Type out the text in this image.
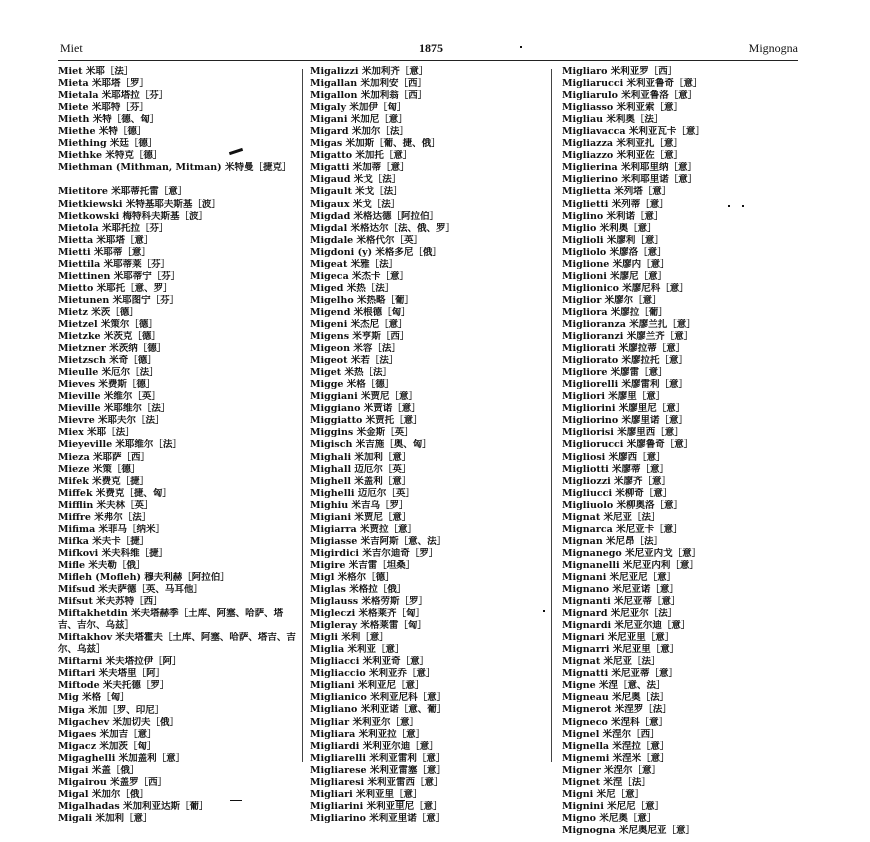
Miet	1875	Mignogna
Miet 米耶［法］
Mieta 米耶塔［罗］
Mietala 米耶塔拉［芬］
Miete 米耶特［芬］
Mieth 米特［德、匈］
Miethe 米特［德］
Miething 米廷［德］
Miethke 米特克［德］
Miethman (Mithman, Mitman) 米特曼［捷克］
Mietitore 米耶蒂托雷［意］
Mietkiewski 米特基耶夫斯基［波］
Mietkowski 梅特科夫斯基［波］
Mietola 米耶托拉［芬］
Mietta 米耶塔［意］
Mietti 米耶蒂［意］
Miettila 米耶蒂莱［芬］
Miettinen 米耶蒂宁［芬］
Mietto 米耶托［意、罗］
Mietunen 米耶图宁［芬］
Mietz 米茨［德］
Mietzel 米策尔［德］
Mietzke 米茨克［德］
Mietzner 米茨纳［德］
Mietzsch 米奇［德］
Mieulle 米厄尔［法］
Mieves 米费斯［德］
Mieville 米维尔［英］
Mieville 米耶维尔［法］
Mievre 米耶夫尔［法］
Miex 米耶［法］
Mieyeville 米耶维尔［法］
Mieza 米耶萨［西］
Mieze 米策［德］
Mifek 米费克［捷］
Miffek 米费克［捷、匈］
Mifflin 米夫林［英］
Miffre 米弗尔［法］
Mifima 米菲马［纳米］
Mifka 米夫卡［捷］
Mifkovi 米夫科维［捷］
Mifle 米夫勒［俄］
Mifleh (Mofleh) 穆夫利赫［阿拉伯］
Mifsud 米夫萨德［英、马耳他］
Mifsut 米夫苏特［西］
Miftakhetdin 米夫塔赫季［土库、阿塞、哈萨、塔吉、吉尔、乌兹］
Miftakhov 米夫塔霍夫［土库、阿塞、哈萨、塔吉、吉尔、乌兹］
Miftarni 米夫塔拉伊［阿］
Miftari 米夫塔里［阿］
Miftode 米夫托德［罗］
Mig 米格［匈］
Miga 米加［罗、印尼］
Migachev 米加切夫［俄］
Migaes 米加吉［意］
Migacz 米加茨［匈］
Migaghelli 米加盖利［意］
Migai 米盖［俄］
Migairou 米盖罗［西］
Migal 米加尔［俄］
Migalhadas 米加利亚达斯［葡］
Migali 米加利［意］
Migalizzi 米加利齐［意］
Migallan 米加利安［西］
Migallon 米加利翁［西］
Migaly 米加伊［匈］
Migani 米加尼［意］
Migard 米加尔［法］
Migas 米加斯［葡、捷、俄］
Migatto 米加托［意］
Migatti 米加蒂［意］
Migaud 米戈［法］
Migault 米戈［法］
Migaux 米戈［法］
Migdad 米格达德［阿拉伯］
Migdal 米格达尔［法、俄、罗］
Migdale 米格代尔［英］
Migdoni (y) 米格多尼［俄］
Migeat 米雅［法］
Migeca 米杰卡［意］
Miged 米热［法］
Migelho 米热略［葡］
Migend 米根德［匈］
Migeni 米杰尼［意］
Migens 米亨斯［西］
Migeon 米容［法］
Migeot 米若［法］
Miget 米热［法］
Migge 米格［德］
Miggiani 米贾尼［意］
Miggiano 米贾诺［意］
Miggiatto 米贾托［意］
Miggins 米金斯［英］
Migisch 米吉施［奥、匈］
Mighali 米加利［意］
Mighall 迈厄尔［英］
Mighell 米盖利［意］
Mighelli 迈厄尔［英］
Mighiu 米吉乌［罗］
Migiani 米贾尼［意］
Migiarra 米贾拉［意］
Migiasse 米吉阿斯［意、法］
Migirdici 米吉尔迪奇［罗］
Migire 米吉雷［坦桑］
Migl 米格尔［德］
Miglas 米格拉［俄］
Miglauss 米格劳斯［罗］
Migleczi 米格莱齐［匈］
Migleray 米格莱雷［匈］
Migli 米利［意］
Miglia 米利亚［意］
Migliacci 米利亚奇［意］
Migliaccio 米利亚乔［意］
Migliani 米利亚尼［意］
Miglianico 米利亚尼科［意］
Migliano 米利亚诺［意、葡］
Migliar 米利亚尔［意］
Migliara 米利亚拉［意］
Migliardi 米利亚尔迪［意］
Migliarelli 米利亚雷利［意］
Migliarese 米利亚雷塞［意］
Migliaresi 米利亚雷西［意］
Migliari 米利亚里［意］
Migliarini 米利亚里尼［意］
Migliarino 米利亚里诺［意］
Migliaro 米利亚罗［西］
Migliarucci 米利亚鲁奇［意］
Migliarulo 米利亚鲁洛［意］
Migliasso 米利亚索［意］
Migliau 米利奥［法］
Migliavacca 米利亚瓦卡［意］
Migliazza 米利亚扎［意］
Migliazzo 米利亚佐［意］
Miglierina 米利耶里纳［意］
Miglierino 米利耶里诺［意］
Miglietta 米列塔［意］
Miglietti 米列蒂［意］
Miglino 米利诺［意］
Miglio 米利奥［意］
Miglioli 米廖利［意］
Migliolo 米廖洛［意］
Miglione 米廖内［意］
Miglioni 米廖尼［意］
Miglionico 米廖尼科［意］
Miglior 米廖尔［意］
Migliora 米廖拉［葡］
Miglioranza 米廖兰扎［意］
Miglioranzi 米廖兰齐［意］
Migliorati 米廖拉蒂［意］
Migliorato 米廖拉托［意］
Migliore 米廖雷［意］
Migliorelli 米廖雷利［意］
Migliori 米廖里［意］
Migliorini 米廖里尼［意］
Migliorino 米廖里诺［意］
Migliorisi 米廖里西［意］
Migliorucci 米廖鲁奇［意］
Migliosi 米廖西［意］
Migliotti 米廖蒂［意］
Migliozzi 米廖齐［意］
Migliucci 米柳奇［意］
Migliuolo 米柳奥洛［意］
Mignat 米尼亚［法］
Mignarca 米尼亚卡［意］
Mignan 米尼昂［法］
Mignanego 米尼亚内戈［意］
Mignanelli 米尼亚内利［意］
Mignani 米尼亚尼［意］
Mignano 米尼亚诺［意］
Mignanti 米尼亚蒂［意］
Mignard 米尼亚尔［法］
Mignardi 米尼亚尔迪［意］
Mignari 米尼亚里［意］
Mignarri 米尼亚里［意］
Mignat 米尼亚［法］
Mignatti 米尼亚蒂［意］
Migne 米涅［意、法］
Migneau 米尼奥［法］
Mignerot 米涅罗［法］
Migneco 米涅科［意］
Mignel 米涅尔［西］
Mignella 米涅拉［意］
Mignemi 米涅米［意］
Migner 米涅尔［意］
Mignet 米涅［法］
Migni 米尼［意］
Mignini 米尼尼［意］
Migno 米尼奥［意］
Mignogna 米尼奥尼亚［意］
